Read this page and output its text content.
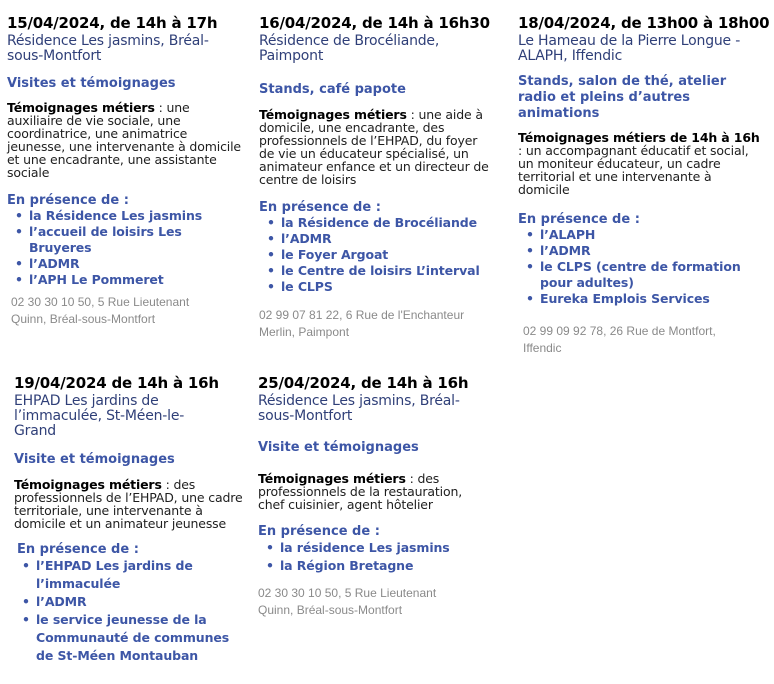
15/04/2024, de 14h à 17h
Résidence Les jasmins, Bréal-sous-Montfort
Visites et témoignages
Témoignages métiers : une auxiliaire de vie sociale, une coordinatrice, une animatrice jeunesse, une intervenante à domicile et une encadrante, une assistante sociale
En présence de :
• la Résidence Les jasmins
• l’accueil de loisirs Les Bruyeres
• l’ADMR
• l’APH Le Pommeret
02 30 30 10 50, 5 Rue Lieutenant Quinn, Bréal-sous-Montfort
16/04/2024, de 14h à 16h30
Résidence de Brocéliande, Paimpont
Stands, café papote
Témoignages métiers : une aide à domicile, une encadrante, des professionnels de l’EHPAD, du foyer de vie un éducateur spécialisé, un animateur enfance et un directeur de centre de loisirs
En présence de :
• la Résidence de Brocéliande
• l’ADMR
• le Foyer Argoat
• le Centre de loisirs L’interval
• le CLPS
02 99 07 81 22, 6 Rue de l'Enchanteur Merlin, Paimpont
18/04/2024, de 13h00 à 18h00
Le Hameau de la Pierre Longue - ALAPH, Iffendic
Stands, salon de thé, atelier radio et pleins d’autres animations
Témoignages métiers de 14h à 16h : un accompagnant éducatif et social, un moniteur éducateur, un cadre territorial et une intervenante à domicile
En présence de :
• l’ALAPH
• l’ADMR
• le CLPS (centre de formation pour adultes)
• Eureka Emplois Services
02 99 09 92 78, 26 Rue de Montfort, Iffendic
19/04/2024 de 14h à 16h
EHPAD Les jardins de l’immaculée, St-Méen-le-Grand
Visite et témoignages
Témoignages métiers : des professionnels de l’EHPAD, une cadre territoriale, une intervenante à domicile et un animateur jeunesse
En présence de :
• l’EHPAD Les jardins de l’immaculée
• l’ADMR
• le service jeunesse de la Communauté de communes de St-Méen Montauban
25/04/2024, de 14h à 16h
Résidence Les jasmins, Bréal-sous-Montfort
Visite et témoignages
Témoignages métiers : des professionnels de la restauration, chef cuisinier, agent hôtelier
En présence de :
• la résidence Les jasmins
• la Région Bretagne
02 30 30 10 50, 5 Rue Lieutenant Quinn, Bréal-sous-Montfort
